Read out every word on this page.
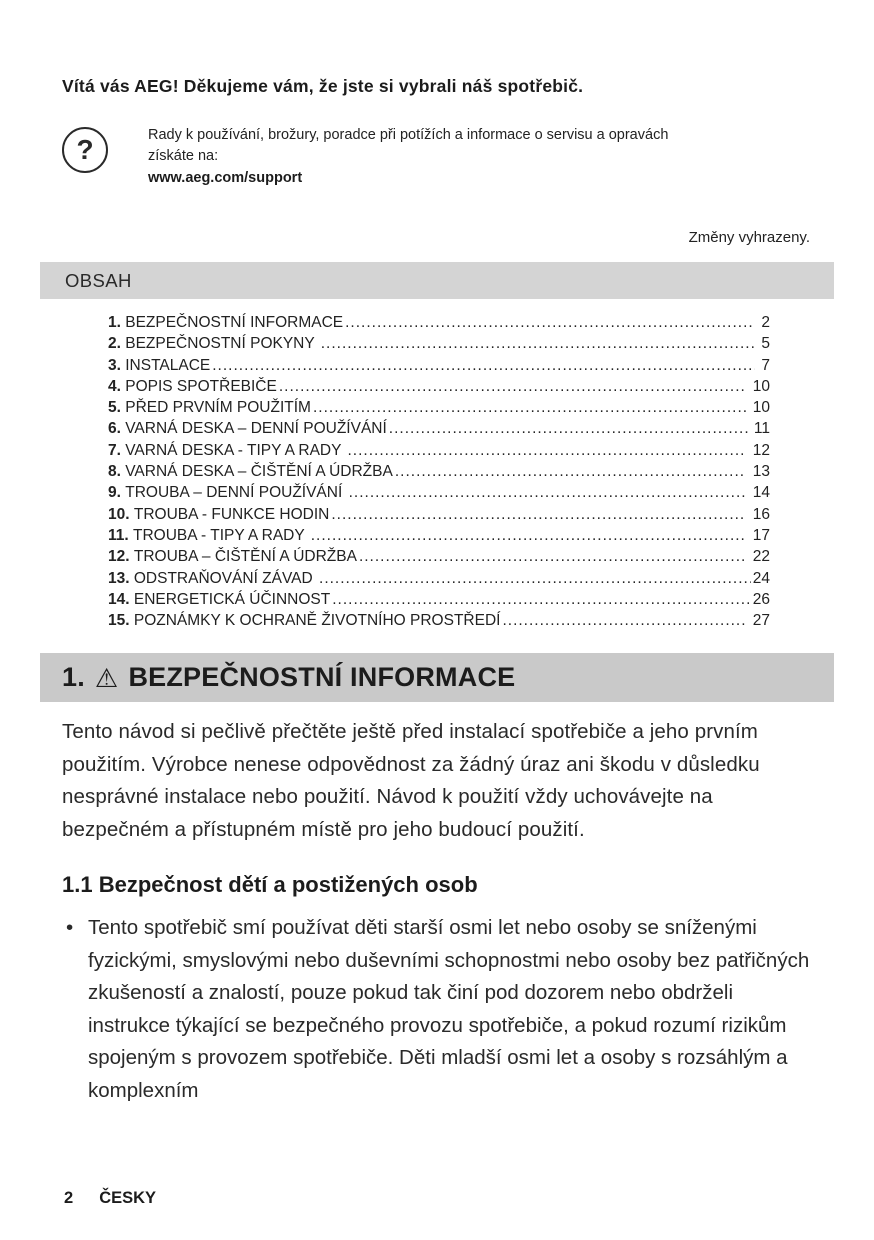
Vítá vás AEG! Děkujeme vám, že jste si vybrali náš spotřebič.
?	Rady k používání, brožury, poradce při potížích a informace o servisu a opravách
získáte na:
www.aeg.com/support
Změny vyhrazeny.
OBSAH
1. BEZPEČNOSTNÍ INFORMACE .....	2
2. BEZPEČNOSTNÍ POKYNY .....	5
3. INSTALACE .....	7
4. POPIS SPOTŘEBIČE .....	10
5. PŘED PRVNÍM POUŽITÍM .....	10
6. VARNÁ DESKA – DENNÍ POUŽÍVÁNÍ .....	11
7. VARNÁ DESKA - TIPY A RADY .....	12
8. VARNÁ DESKA – ČIŠTĚNÍ A ÚDRŽBA .....	13
9. TROUBA – DENNÍ POUŽÍVÁNÍ .....	14
10. TROUBA - FUNKCE HODIN .....	16
11. TROUBA - TIPY A RADY .....	17
12. TROUBA – ČIŠTĚNÍ A ÚDRŽBA .....	22
13. ODSTRAŇOVÁNÍ ZÁVAD .....	24
14. ENERGETICKÁ ÚČINNOST .....	26
15. POZNÁMKY K OCHRANĚ ŽIVOTNÍHO PROSTŘEDÍ .....	27
1. ⚠ BEZPEČNOSTNÍ INFORMACE
Tento návod si pečlivě přečtěte ještě před instalací spotřebiče a jeho prvním použitím. Výrobce nenese odpovědnost za žádný úraz ani škodu v důsledku nesprávné instalace nebo použití. Návod k použití vždy uchovávejte na bezpečném a přístupném místě pro jeho budoucí použití.
1.1 Bezpečnost dětí a postižených osob
• Tento spotřebič smí používat děti starší osmi let nebo osoby se sníženými fyzickými, smyslovými nebo duševními schopnostmi nebo osoby bez patřičných zkušeností a znalostí, pouze pokud tak činí pod dozorem nebo obdrželi instrukce týkající se bezpečného provozu spotřebiče, a pokud rozumí rizikům spojeným s provozem spotřebiče. Děti mladší osmi let a osoby s rozsáhlým a komplexním
2 ČESKY
